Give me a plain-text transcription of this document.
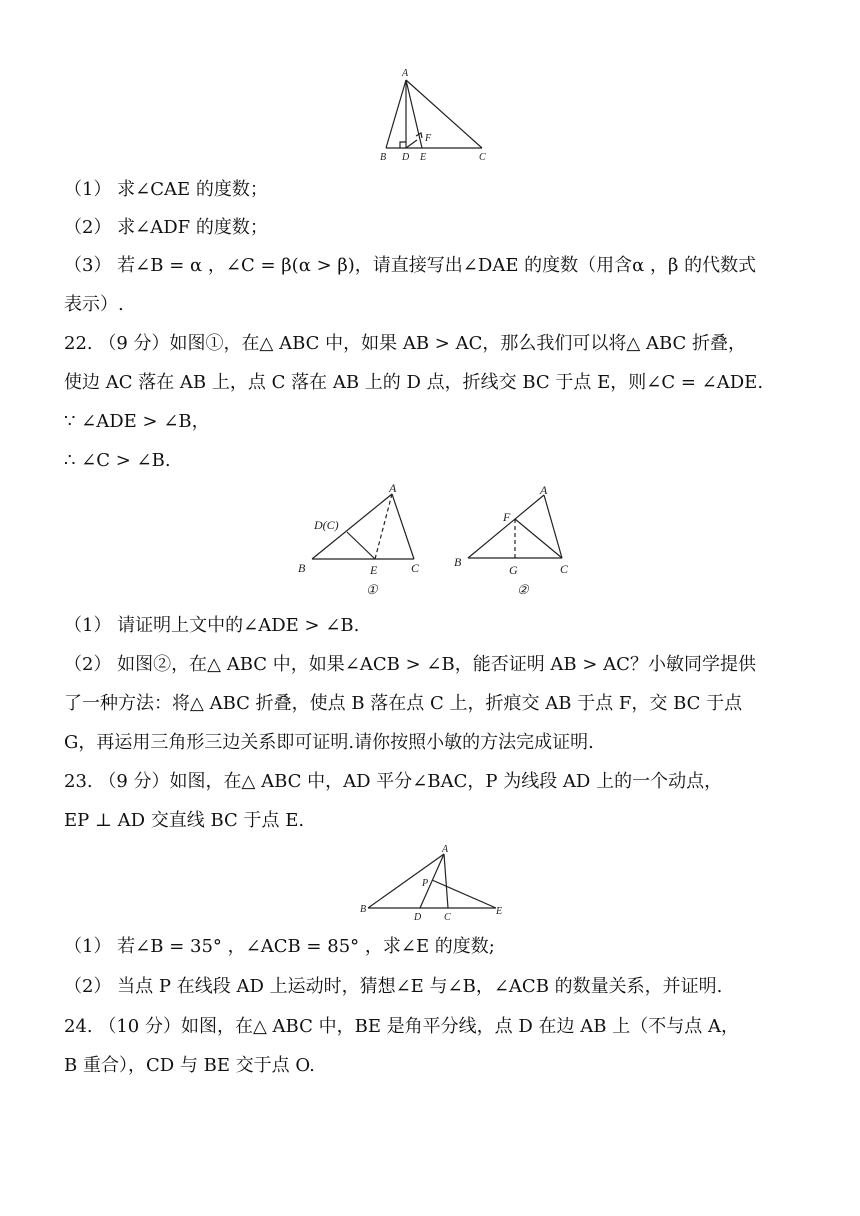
A
B D E
F
C
（1） 求∠CAE 的度数；
（2） 求∠ADF 的度数；
（3） 若∠B = α ，∠C = β(α > β)，请直接写出∠DAE 的度数（用含α ，β 的代数式
表示）.
22. （9 分）如图①，在△ ABC 中，如果 AB > AC，那么我们可以将△ ABC 折叠，
使边 AC 落在 AB 上，点 C 落在 AB 上的 D 点，折线交 BC 于点 E，则∠C = ∠ADE.
∵ ∠ADE > ∠B，
∴ ∠C > ∠B.
A
D(C)
B	E	C
①
A
F
B
G	C
②
（1） 请证明上文中的∠ADE > ∠B.
（2） 如图②，在△ ABC 中，如果∠ACB > ∠B，能否证明 AB > AC？小敏同学提供
了一种方法：将△ ABC 折叠，使点 B 落在点 C 上，折痕交 AB 于点 F，交 BC 于点
G，再运用三角形三边关系即可证明.请你按照小敏的方法完成证明.
23. （9 分）如图，在△ ABC 中，AD 平分∠BAC，P 为线段 AD 上的一个动点，
EP ⊥ AD 交直线 BC 于点 E.
A
P
B
D C
E
（1） 若∠B = 35° ，∠ACB = 85° ，求∠E 的度数;
（2） 当点 P 在线段 AD 上运动时，猜想∠E 与∠B，∠ACB 的数量关系，并证明.
24. （10 分）如图，在△ ABC 中，BE 是角平分线，点 D 在边 AB 上（不与点 A，
B 重合），CD 与 BE 交于点 O.
